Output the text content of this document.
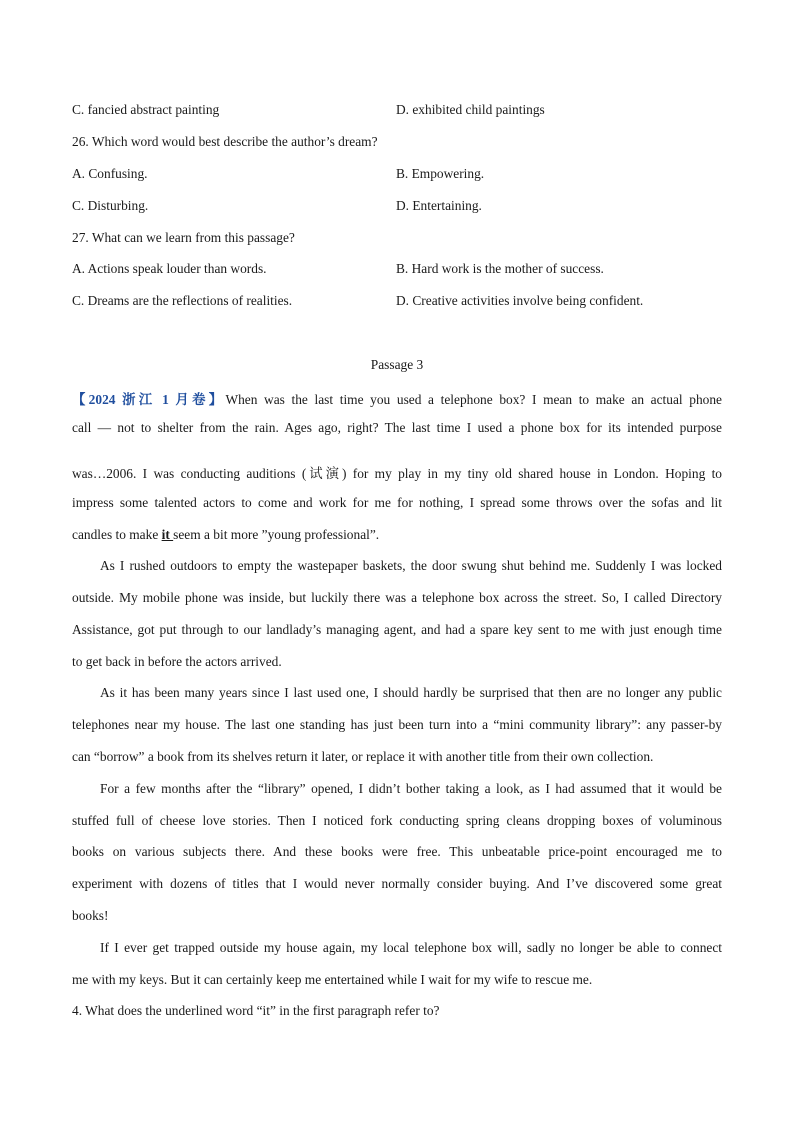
C. fancied abstract painting	D. exhibited child paintings
26. Which word would best describe the author’s dream?
A. Confusing.	B. Empowering.
C. Disturbing.	D. Entertaining.
27. What can we learn from this passage?
A. Actions speak louder than words.	B. Hard work is the mother of success.
C. Dreams are the reflections of realities.	D. Creative activities involve being confident.
Passage 3
【2024 浙江 1 月卷】When was the last time you used a telephone box? I mean to make an actual phone
call — not to shelter from the rain. Ages ago, right? The last time I used a phone box for its intended purpose
was…2006. I was conducting auditions (试演) for my play in my tiny old shared house in London. Hoping to
impress some talented actors to come and work for me for nothing, I spread some throws over the sofas and lit
candles to make it seem a bit more ”young professional”.
As I rushed outdoors to empty the wastepaper baskets, the door swung shut behind me. Suddenly I was locked
outside. My mobile phone was inside, but luckily there was a telephone box across the street. So, I called Directory
Assistance, got put through to our landlady’s managing agent, and had a spare key sent to me with just enough time
to get back in before the actors arrived.
As it has been many years since I last used one, I should hardly be surprised that then are no longer any public
telephones near my house. The last one standing has just been turn into a “mini community library”: any passer-by
can “borrow” a book from its shelves return it later, or replace it with another title from their own collection.
For a few months after the “library” opened, I didn’t bother taking a look, as I had assumed that it would be
stuffed full of cheese love stories. Then I noticed fork conducting spring cleans dropping boxes of voluminous
books on various subjects there. And these books were free. This unbeatable price-point encouraged me to
experiment with dozens of titles that I would never normally consider buying. And I’ve discovered some great
books!
If I ever get trapped outside my house again, my local telephone box will, sadly no longer be able to connect
me with my keys. But it can certainly keep me entertained while I wait for my wife to rescue me.
4. What does the underlined word “it” in the first paragraph refer to?
